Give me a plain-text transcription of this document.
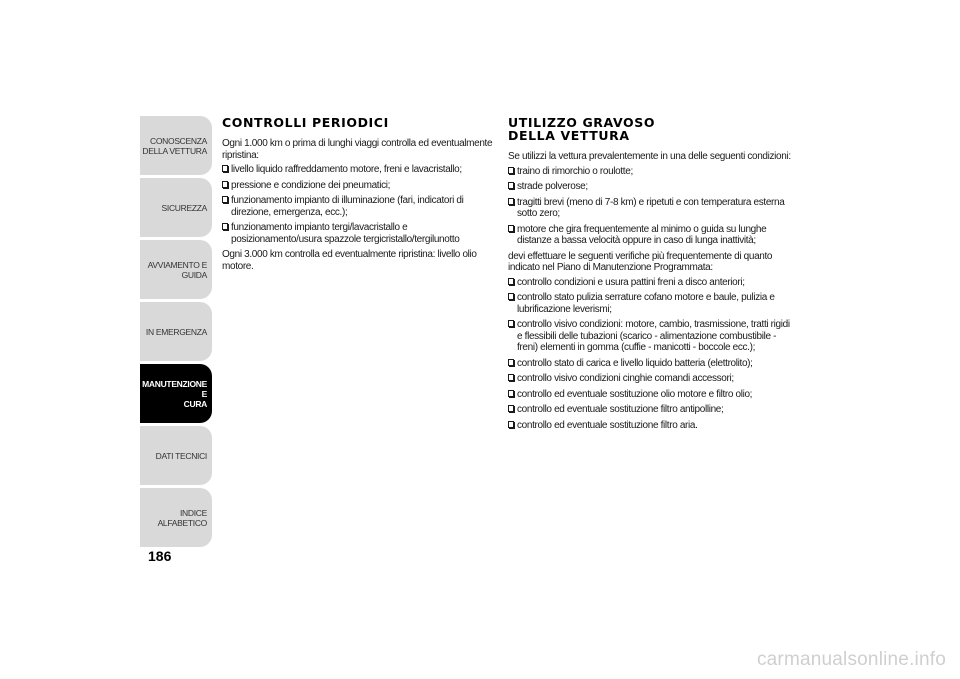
CONOSCENZA
DELLA VETTURA
SICUREZZA
AVVIAMENTO E
GUIDA
IN EMERGENZA
MANUTENZIONE E
CURA
DATI TECNICI
INDICE ALFABETICO
186
CONTROLLI PERIODICI

Ogni 1.000 km o prima di lunghi viaggi controlla ed eventualmente ripristina:

livello liquido raffreddamento motore, freni e lavacristallo;
pressione e condizione dei pneumatici;
funzionamento impianto di illuminazione (fari, indicatori di direzione, emergenza, ecc.);
funzionamento impianto tergi/lavacristallo e posizionamento/usura spazzole tergicristallo/tergilunotto

Ogni 3.000 km controlla ed eventualmente ripristina: livello olio motore.

UTILIZZO GRAVOSO
DELLA VETTURA

Se utilizzi la vettura prevalentemente in una delle seguenti condizioni:

traino di rimorchio o roulotte;
strade polverose;
tragitti brevi (meno di 7-8 km) e ripetuti e con temperatura esterna sotto zero;
motore che gira frequentemente al minimo o guida su lunghe distanze a bassa velocità oppure in caso di lunga inattività;

devi effettuare le seguenti verifiche più frequentemente di quanto indicato nel Piano di Manutenzione Programmata:

controllo condizioni e usura pattini freni a disco anteriori;
controllo stato pulizia serrature cofano motore e baule, pulizia e lubrificazione leverismi;
controllo visivo condizioni: motore, cambio, trasmissione, tratti rigidi e flessibili delle tubazioni (scarico - alimentazione combustibile - freni) elementi in gomma (cuffie - manicotti - boccole ecc.);
controllo stato di carica e livello liquido batteria (elettrolito);
controllo visivo condizioni cinghie comandi accessori;
controllo ed eventuale sostituzione olio motore e filtro olio;
controllo ed eventuale sostituzione filtro antipolline;
controllo ed eventuale sostituzione filtro aria.
carmanualsonline.info
